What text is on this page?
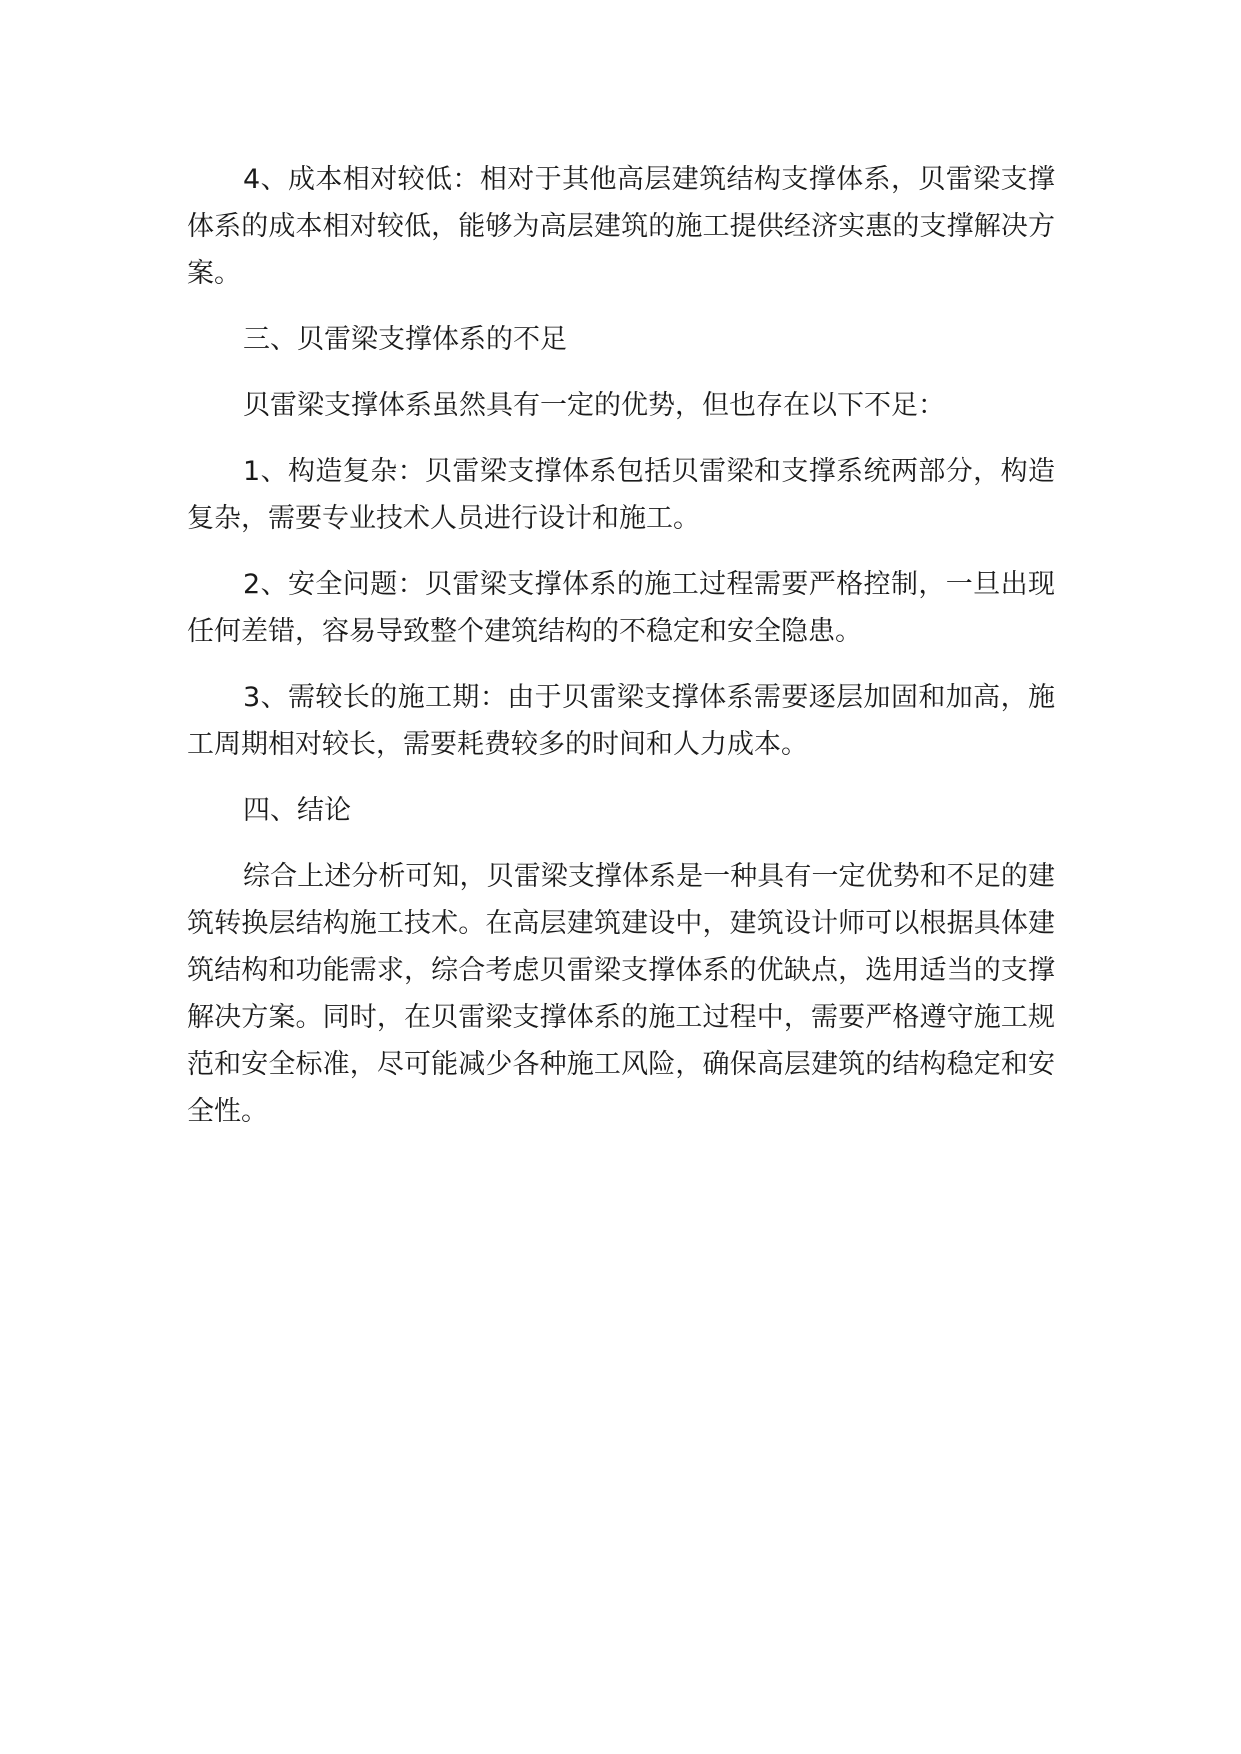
4、成本相对较低：相对于其他高层建筑结构支撑体系，贝雷梁支撑体系的成本相对较低，能够为高层建筑的施工提供经济实惠的支撑解决方案。

三、贝雷梁支撑体系的不足

贝雷梁支撑体系虽然具有一定的优势，但也存在以下不足：

1、构造复杂：贝雷梁支撑体系包括贝雷梁和支撑系统两部分，构造复杂，需要专业技术人员进行设计和施工。

2、安全问题：贝雷梁支撑体系的施工过程需要严格控制，一旦出现任何差错，容易导致整个建筑结构的不稳定和安全隐患。

3、需较长的施工期：由于贝雷梁支撑体系需要逐层加固和加高，施工周期相对较长，需要耗费较多的时间和人力成本。

四、结论

综合上述分析可知，贝雷梁支撑体系是一种具有一定优势和不足的建筑转换层结构施工技术。在高层建筑建设中，建筑设计师可以根据具体建筑结构和功能需求，综合考虑贝雷梁支撑体系的优缺点，选用适当的支撑解决方案。同时，在贝雷梁支撑体系的施工过程中，需要严格遵守施工规范和安全标准，尽可能减少各种施工风险，确保高层建筑的结构稳定和安全性。
